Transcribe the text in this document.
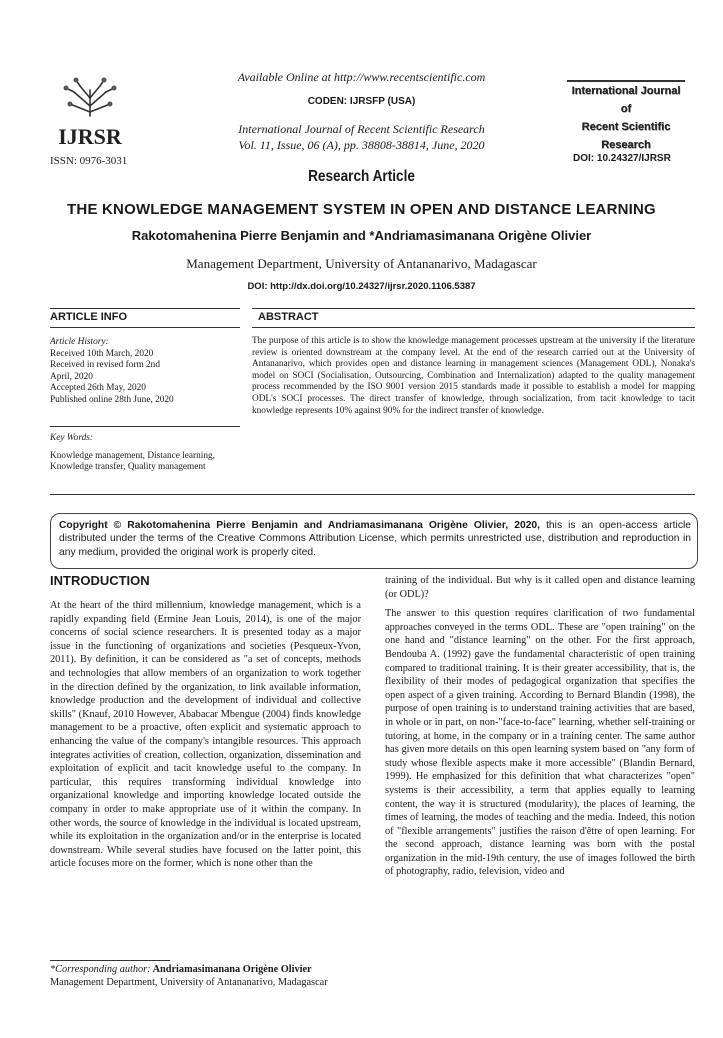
IJRSR
ISSN: 0976-3031
Available Online at http://www.recentscientific.com
CODEN: IJRSFP (USA)
International Journal of Recent Scientific Research
Vol. 11, Issue, 06 (A), pp. 38808-38814, June, 2020
International Journal of
Recent Scientific
Research
DOI: 10.24327/IJRSR
Research Article
THE KNOWLEDGE MANAGEMENT SYSTEM IN OPEN AND DISTANCE LEARNING
Rakotomahenina Pierre Benjamin and *Andriamasimanana Origène Olivier
Management Department, University of Antananarivo, Madagascar
DOI: http://dx.doi.org/10.24327/ijrsr.2020.1106.5387
ARTICLE INFO	ABSTRACT
Article History:
Received 10th March, 2020
Received in revised form 2nd
April, 2020
Accepted 26th May, 2020
Published online 28th June, 2020
Key Words:
Knowledge management, Distance learning, Knowledge transfer, Quality management
The purpose of this article is to show the knowledge management processes upstream at the university if the literature review is oriented downstream at the company level. At the end of the research carried out at the University of Antananarivo, which provides open and distance learning in management sciences (Management ODL), Nonaka's model on SOCI (Socialisation, Outsourcing, Combination and Internalization) adapted to the quality management process recommended by the ISO 9001 version 2015 standards made it possible to establish a model for mapping ODL's SOCI processes. The direct transfer of knowledge, through socialization, from tacit knowledge to tacit knowledge represents 10% against 90% for the indirect transfer of knowledge.
Copyright © Rakotomahenina Pierre Benjamin and Andriamasimanana Origène Olivier, 2020, this is an open-access article distributed under the terms of the Creative Commons Attribution License, which permits unrestricted use, distribution and reproduction in any medium, provided the original work is properly cited.
INTRODUCTION

At the heart of the third millennium, knowledge management, which is a rapidly expanding field (Ermine Jean Louis, 2014), is one of the major concerns of social science researchers. It is presented today as a major issue in the functioning of organizations and societies (Pesqueux-Yvon, 2011). By definition, it can be considered as "a set of concepts, methods and technologies that allow members of an organization to work together in the direction defined by the organization, to link available information, knowledge production and the development of individual and collective skills" (Knauf, 2010 However, Ababacar Mbengue (2004) finds knowledge management to be a proactive, often explicit and systematic approach to enhancing the value of the company's intangible resources. This approach integrates activities of creation, collection, organization, dissemination and exploitation of explicit and tacit knowledge useful to the company. In particular, this requires transforming individual knowledge into organizational knowledge and importing knowledge located outside the company in order to make appropriate use of it within the company. In other words, the source of knowledge in the individual is located upstream, while its exploitation in the organization and/or in the enterprise is located downstream. While several studies have focused on the latter point, this article focuses more on the former, which is none other than the

training of the individual. But why is it called open and distance learning (or ODL)?

The answer to this question requires clarification of two fundamental approaches conveyed in the terms ODL. These are "open training" on the one hand and "distance learning" on the other. For the first approach, Bendouba A. (1992) gave the fundamental characteristic of open training compared to traditional training. It is their greater accessibility, that is, the flexibility of their modes of pedagogical organization that specifies the open aspect of a given training. According to Bernard Blandin (1998), the purpose of open training is to understand training activities that are based, in whole or in part, on non-"face-to-face" learning, whether self-training or tutoring, at home, in the company or in a training center. The same author has given more details on this open learning system based on "any form of study whose flexible aspects make it more accessible" (Blandin Bernard, 1999). He emphasized for this definition that what characterizes "open" systems is their accessibility, a term that applies equally to learning content, the way it is structured (modularity), the places of learning, the times of learning, the modes of teaching and the media. Indeed, this notion of "flexible arrangements" justifies the raison d'être of open learning. For the second approach, distance learning was born with the postal organization in the mid-19th century, the use of images followed the birth of photography, radio, television, video and

*Corresponding author: Andriamasimanana Origène Olivier
Management Department, University of Antananarivo, Madagascar
